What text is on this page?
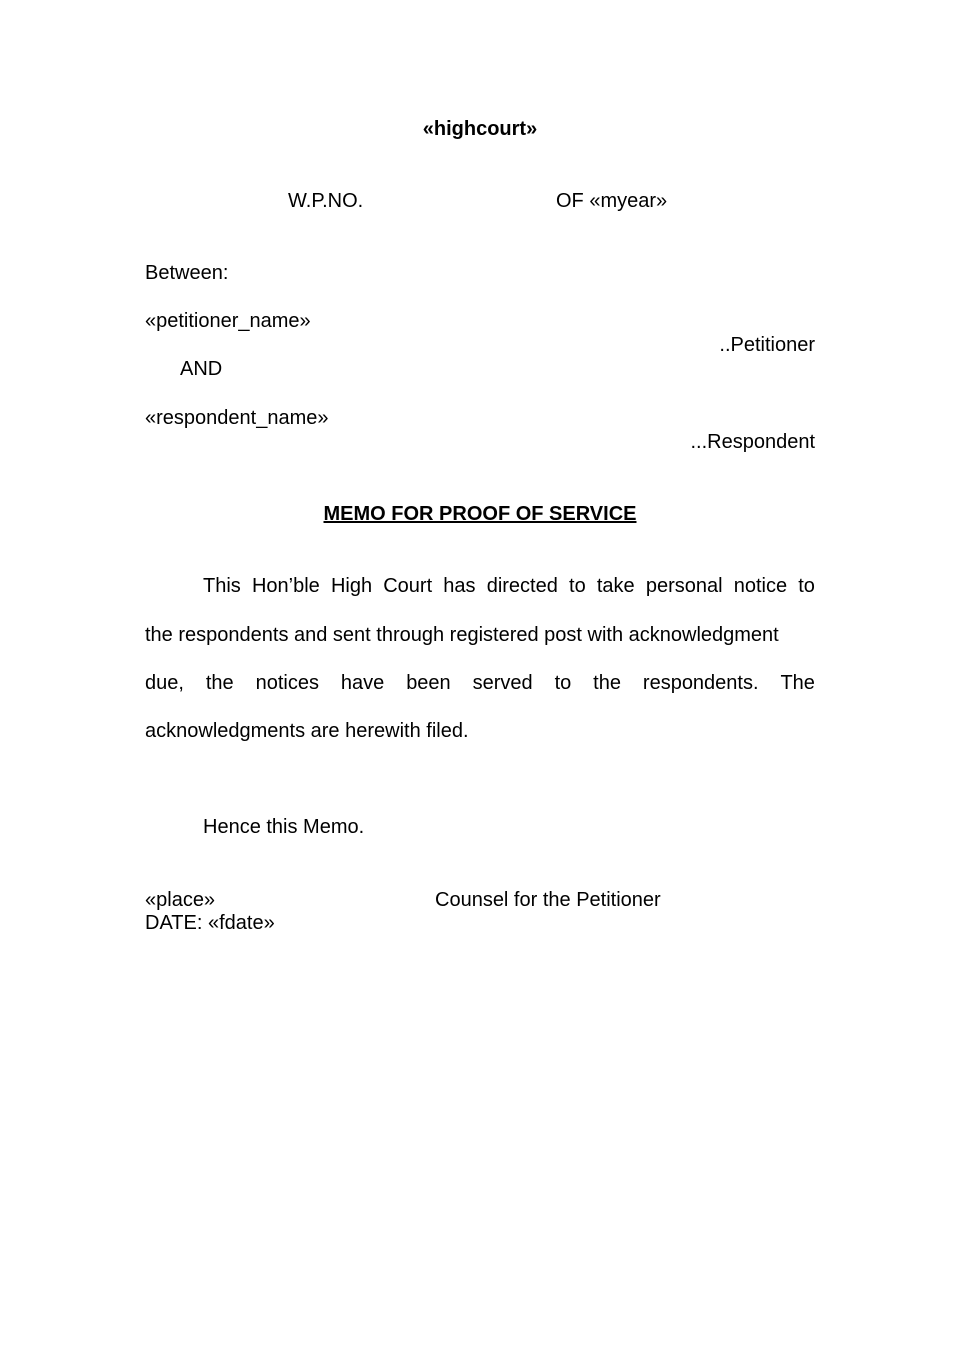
«highcourt»
W.P.NO.	OF «myear»
Between:
«petitioner_name»
..Petitioner
AND
«respondent_name»
...Respondent
MEMO FOR PROOF OF SERVICE
This Hon’ble High Court has directed to take personal notice to
the respondents and sent through registered post with acknowledgment
due, the notices have been served to the respondents. The
acknowledgments are herewith filed.
Hence this Memo.
«place»	Counsel for the Petitioner
DATE: «fdate»
